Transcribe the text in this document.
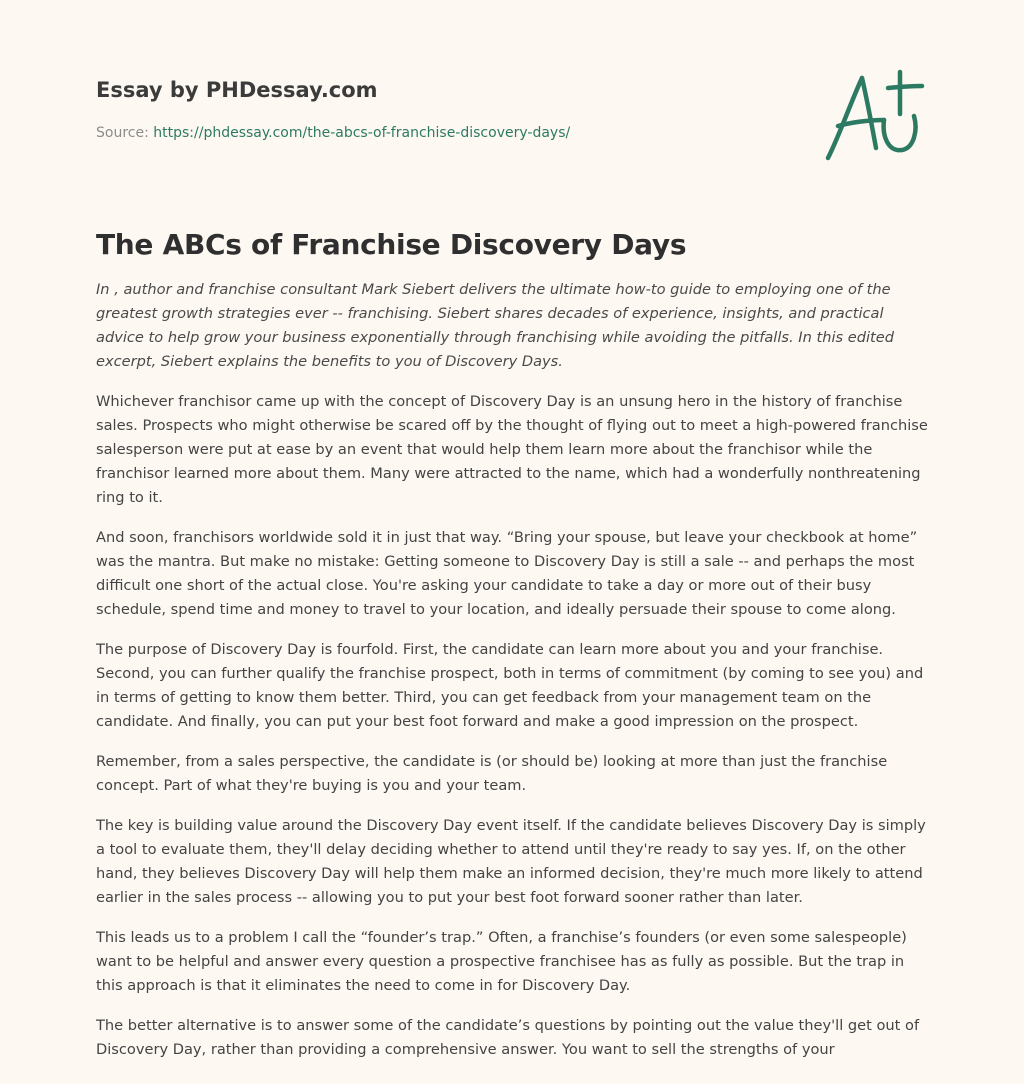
Essay by PHDessay.com
Source: https://phdessay.com/the-abcs-of-franchise-discovery-days/
The ABCs of Franchise Discovery Days

In , author and franchise consultant Mark Siebert delivers the ultimate how-to guide to employing one of the greatest growth strategies ever -- franchising. Siebert shares decades of experience, insights, and practical advice to help grow your business exponentially through franchising while avoiding the pitfalls. In this edited excerpt, Siebert explains the benefits to you of Discovery Days.

Whichever franchisor came up with the concept of Discovery Day is an unsung hero in the history of franchise sales. Prospects who might otherwise be scared off by the thought of flying out to meet a high-powered franchise salesperson were put at ease by an event that would help them learn more about the franchisor while the franchisor learned more about them. Many were attracted to the name, which had a wonderfully nonthreatening ring to it.

And soon, franchisors worldwide sold it in just that way. “Bring your spouse, but leave your checkbook at home” was the mantra. But make no mistake: Getting someone to Discovery Day is still a sale -- and perhaps the most difficult one short of the actual close. You're asking your candidate to take a day or more out of their busy schedule, spend time and money to travel to your location, and ideally persuade their spouse to come along.

The purpose of Discovery Day is fourfold. First, the candidate can learn more about you and your franchise. Second, you can further qualify the franchise prospect, both in terms of commitment (by coming to see you) and in terms of getting to know them better. Third, you can get feedback from your management team on the candidate. And finally, you can put your best foot forward and make a good impression on the prospect.

Remember, from a sales perspective, the candidate is (or should be) looking at more than just the franchise concept. Part of what they're buying is you and your team.

The key is building value around the Discovery Day event itself. If the candidate believes Discovery Day is simply a tool to evaluate them, they'll delay deciding whether to attend until they're ready to say yes. If, on the other hand, they believes Discovery Day will help them make an informed decision, they're much more likely to attend earlier in the sales process -- allowing you to put your best foot forward sooner rather than later.

This leads us to a problem I call the “founder’s trap.” Often, a franchise’s founders (or even some salespeople) want to be helpful and answer every question a prospective franchisee has as fully as possible. But the trap in this approach is that it eliminates the need to come in for Discovery Day.

The better alternative is to answer some of the candidate’s questions by pointing out the value they'll get out of Discovery Day, rather than providing a comprehensive answer. You want to sell the strengths of your
